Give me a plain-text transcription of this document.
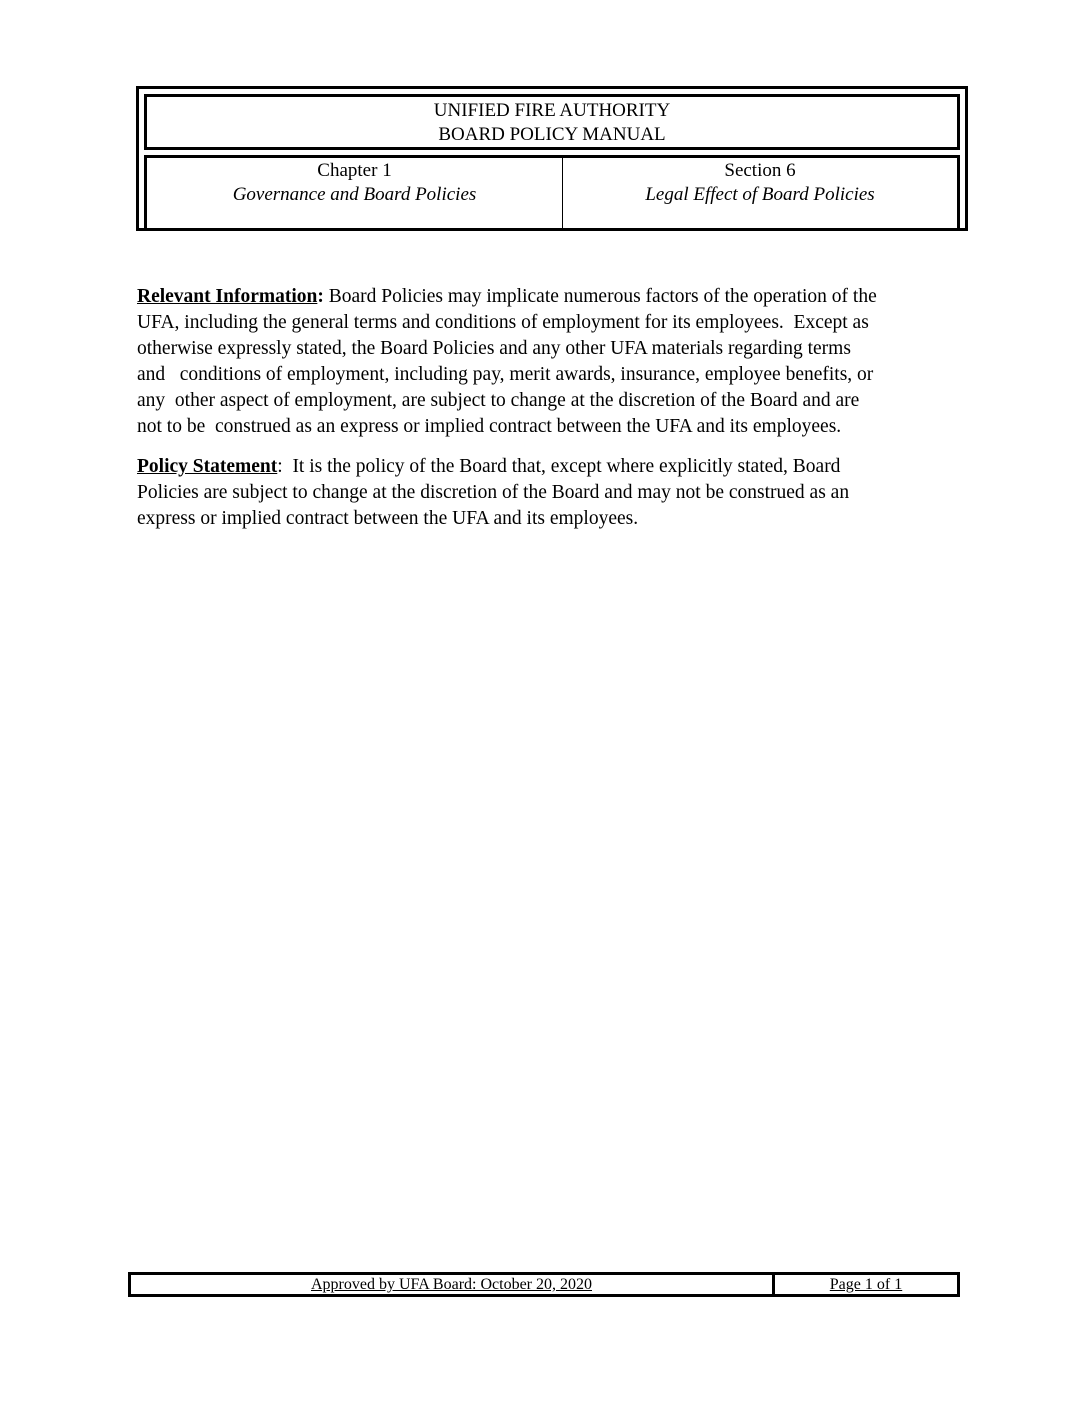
UNIFIED FIRE AUTHORITY
BOARD POLICY MANUAL
Chapter 1
Governance and Board Policies
Section 6
Legal Effect of Board Policies

Relevant Information: Board Policies may implicate numerous factors of the operation of the
UFA, including the general terms and conditions of employment for its employees.  Except as
otherwise expressly stated, the Board Policies and any other UFA materials regarding terms
and   conditions of employment, including pay, merit awards, insurance, employee benefits, or
any  other aspect of employment, are subject to change at the discretion of the Board and are
not to be  construed as an express or implied contract between the UFA and its employees.

Policy Statement:  It is the policy of the Board that, except where explicitly stated, Board
Policies are subject to change at the discretion of the Board and may not be construed as an
express or implied contract between the UFA and its employees.

Approved by UFA Board: October 20, 2020	Page 1 of 1
